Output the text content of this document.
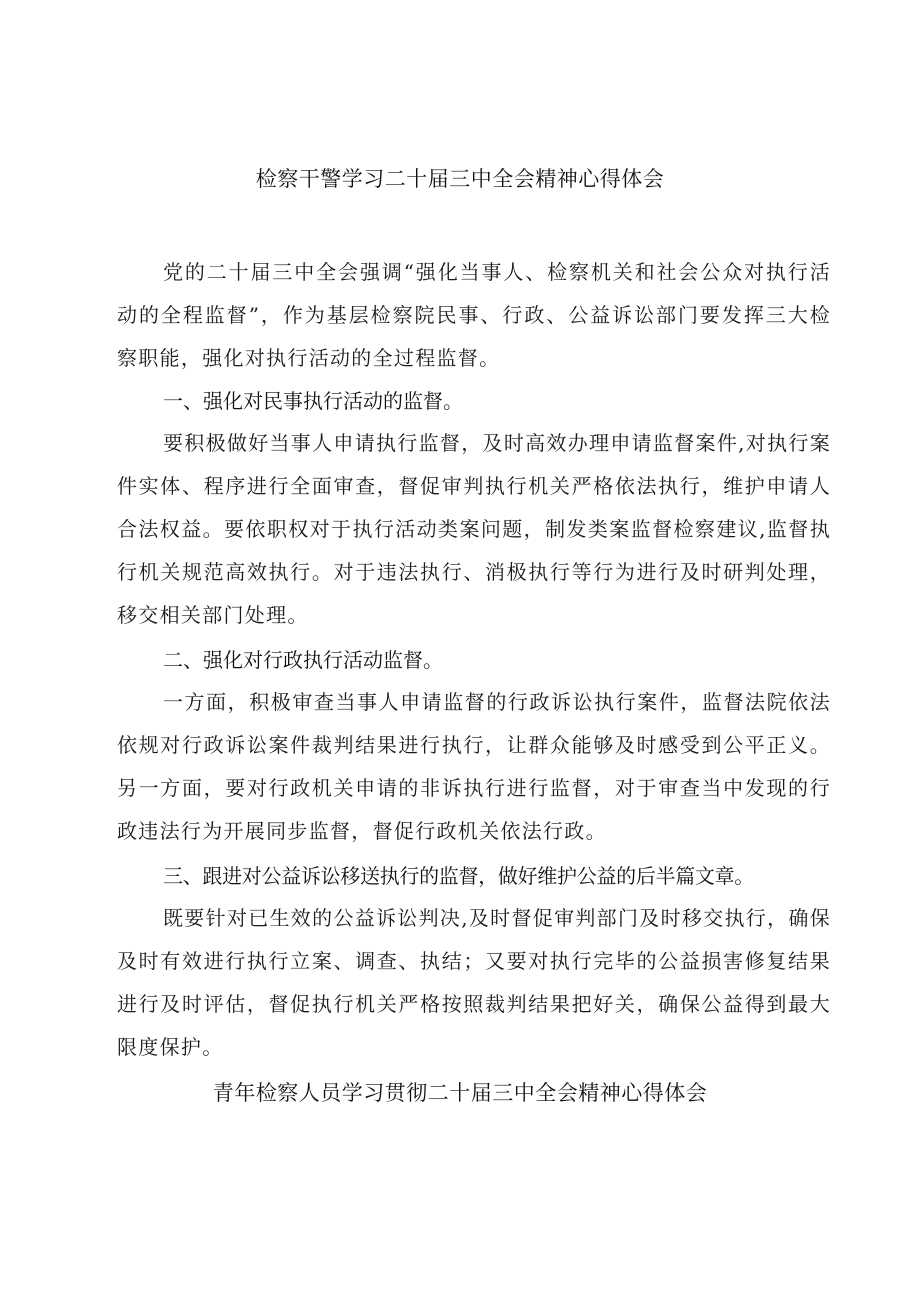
检察干警学习二十届三中全会精神心得体会

党的二十届三中全会强调“强化当事人、检察机关和社会公众对执行活动的全程监督”，作为基层检察院民事、行政、公益诉讼部门要发挥三大检察职能，强化对执行活动的全过程监督。

一、强化对民事执行活动的监督。

要积极做好当事人申请执行监督，及时高效办理申请监督案件,对执行案件实体、程序进行全面审查，督促审判执行机关严格依法执行，维护申请人合法权益。要依职权对于执行活动类案问题，制发类案监督检察建议,监督执行机关规范高效执行。对于违法执行、消极执行等行为进行及时研判处理，移交相关部门处理。

二、强化对行政执行活动监督。

一方面，积极审查当事人申请监督的行政诉讼执行案件，监督法院依法依规对行政诉讼案件裁判结果进行执行，让群众能够及时感受到公平正义。另一方面，要对行政机关申请的非诉执行进行监督，对于审查当中发现的行政违法行为开展同步监督，督促行政机关依法行政。

三、跟进对公益诉讼移送执行的监督，做好维护公益的后半篇文章。

既要针对已生效的公益诉讼判决,及时督促审判部门及时移交执行，确保及时有效进行执行立案、调查、执结；又要对执行完毕的公益损害修复结果进行及时评估，督促执行机关严格按照裁判结果把好关，确保公益得到最大限度保护。

青年检察人员学习贯彻二十届三中全会精神心得体会
